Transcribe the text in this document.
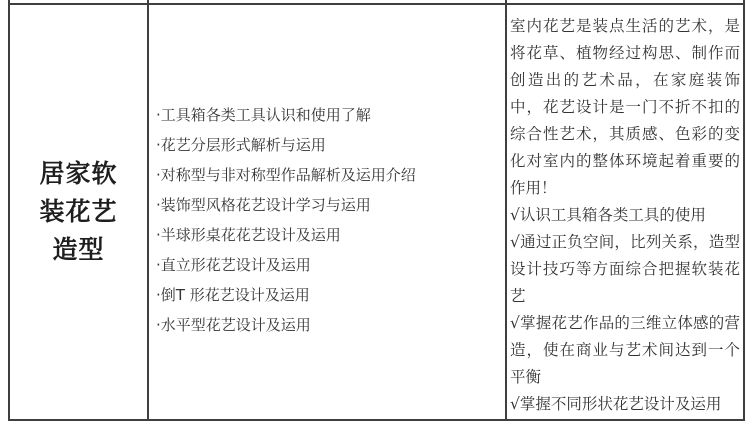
居家软
装花艺
造型
·工具箱各类工具认识和使用了解
·花艺分层形式解析与运用
·对称型与非对称型作品解析及运用介绍
·装饰型风格花艺设计学习与运用
·半球形桌花花艺设计及运用
·直立形花艺设计及运用
·倒T 形花艺设计及运用
·水平型花艺设计及运用
室内花艺是装点生活的艺术，是将花草、植物经过构思、制作而创造出的艺术品，在家庭装饰中，花艺设计是一门不折不扣的综合性艺术，其质感、色彩的变化对室内的整体环境起着重要的作用！
√认识工具箱各类工具的使用
√通过正负空间，比列关系，造型设计技巧等方面综合把握软装花艺
√掌握花艺作品的三维立体感的营造，使在商业与艺术间达到一个平衡
√掌握不同形状花艺设计及运用
